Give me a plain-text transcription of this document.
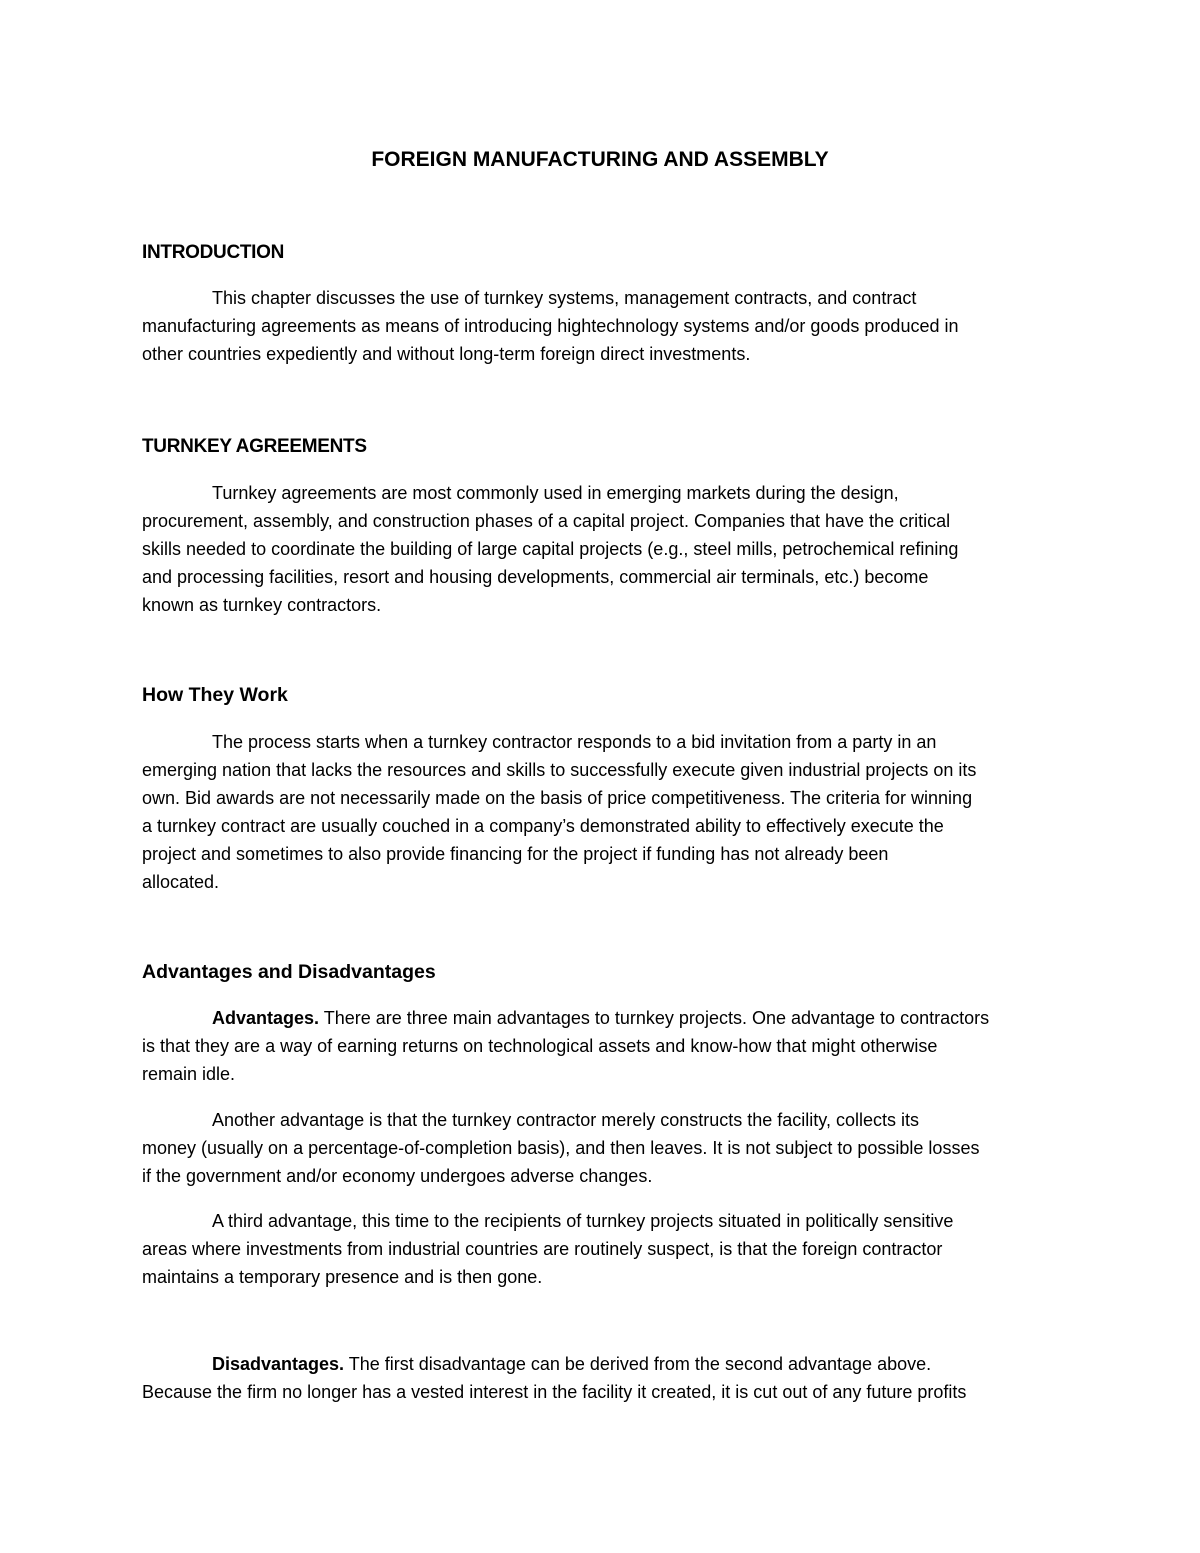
FOREIGN MANUFACTURING AND ASSEMBLY
INTRODUCTION

This chapter discusses the use of turnkey systems, management contracts, and contract
manufacturing agreements as means of introducing hightechnology systems and/or goods produced in
other countries expediently and without long-term foreign direct investments.

TURNKEY AGREEMENTS

Turnkey agreements are most commonly used in emerging markets during the design,
procurement, assembly, and construction phases of a capital project. Companies that have the critical
skills needed to coordinate the building of large capital projects (e.g., steel mills, petrochemical refining
and processing facilities, resort and housing developments, commercial air terminals, etc.) become
known as turnkey contractors.

How They Work

The process starts when a turnkey contractor responds to a bid invitation from a party in an
emerging nation that lacks the resources and skills to successfully execute given industrial projects on its
own. Bid awards are not necessarily made on the basis of price competitiveness. The criteria for winning
a turnkey contract are usually couched in a company’s demonstrated ability to effectively execute the
project and sometimes to also provide financing for the project if funding has not already been
allocated.

Advantages and Disadvantages

Advantages. There are three main advantages to turnkey projects. One advantage to contractors
is that they are a way of earning returns on technological assets and know-how that might otherwise
remain idle.

Another advantage is that the turnkey contractor merely constructs the facility, collects its
money (usually on a percentage-of-completion basis), and then leaves. It is not subject to possible losses
if the government and/or economy undergoes adverse changes.

A third advantage, this time to the recipients of turnkey projects situated in politically sensitive
areas where investments from industrial countries are routinely suspect, is that the foreign contractor
maintains a temporary presence and is then gone.

Disadvantages. The first disadvantage can be derived from the second advantage above.
Because the firm no longer has a vested interest in the facility it created, it is cut out of any future profits
